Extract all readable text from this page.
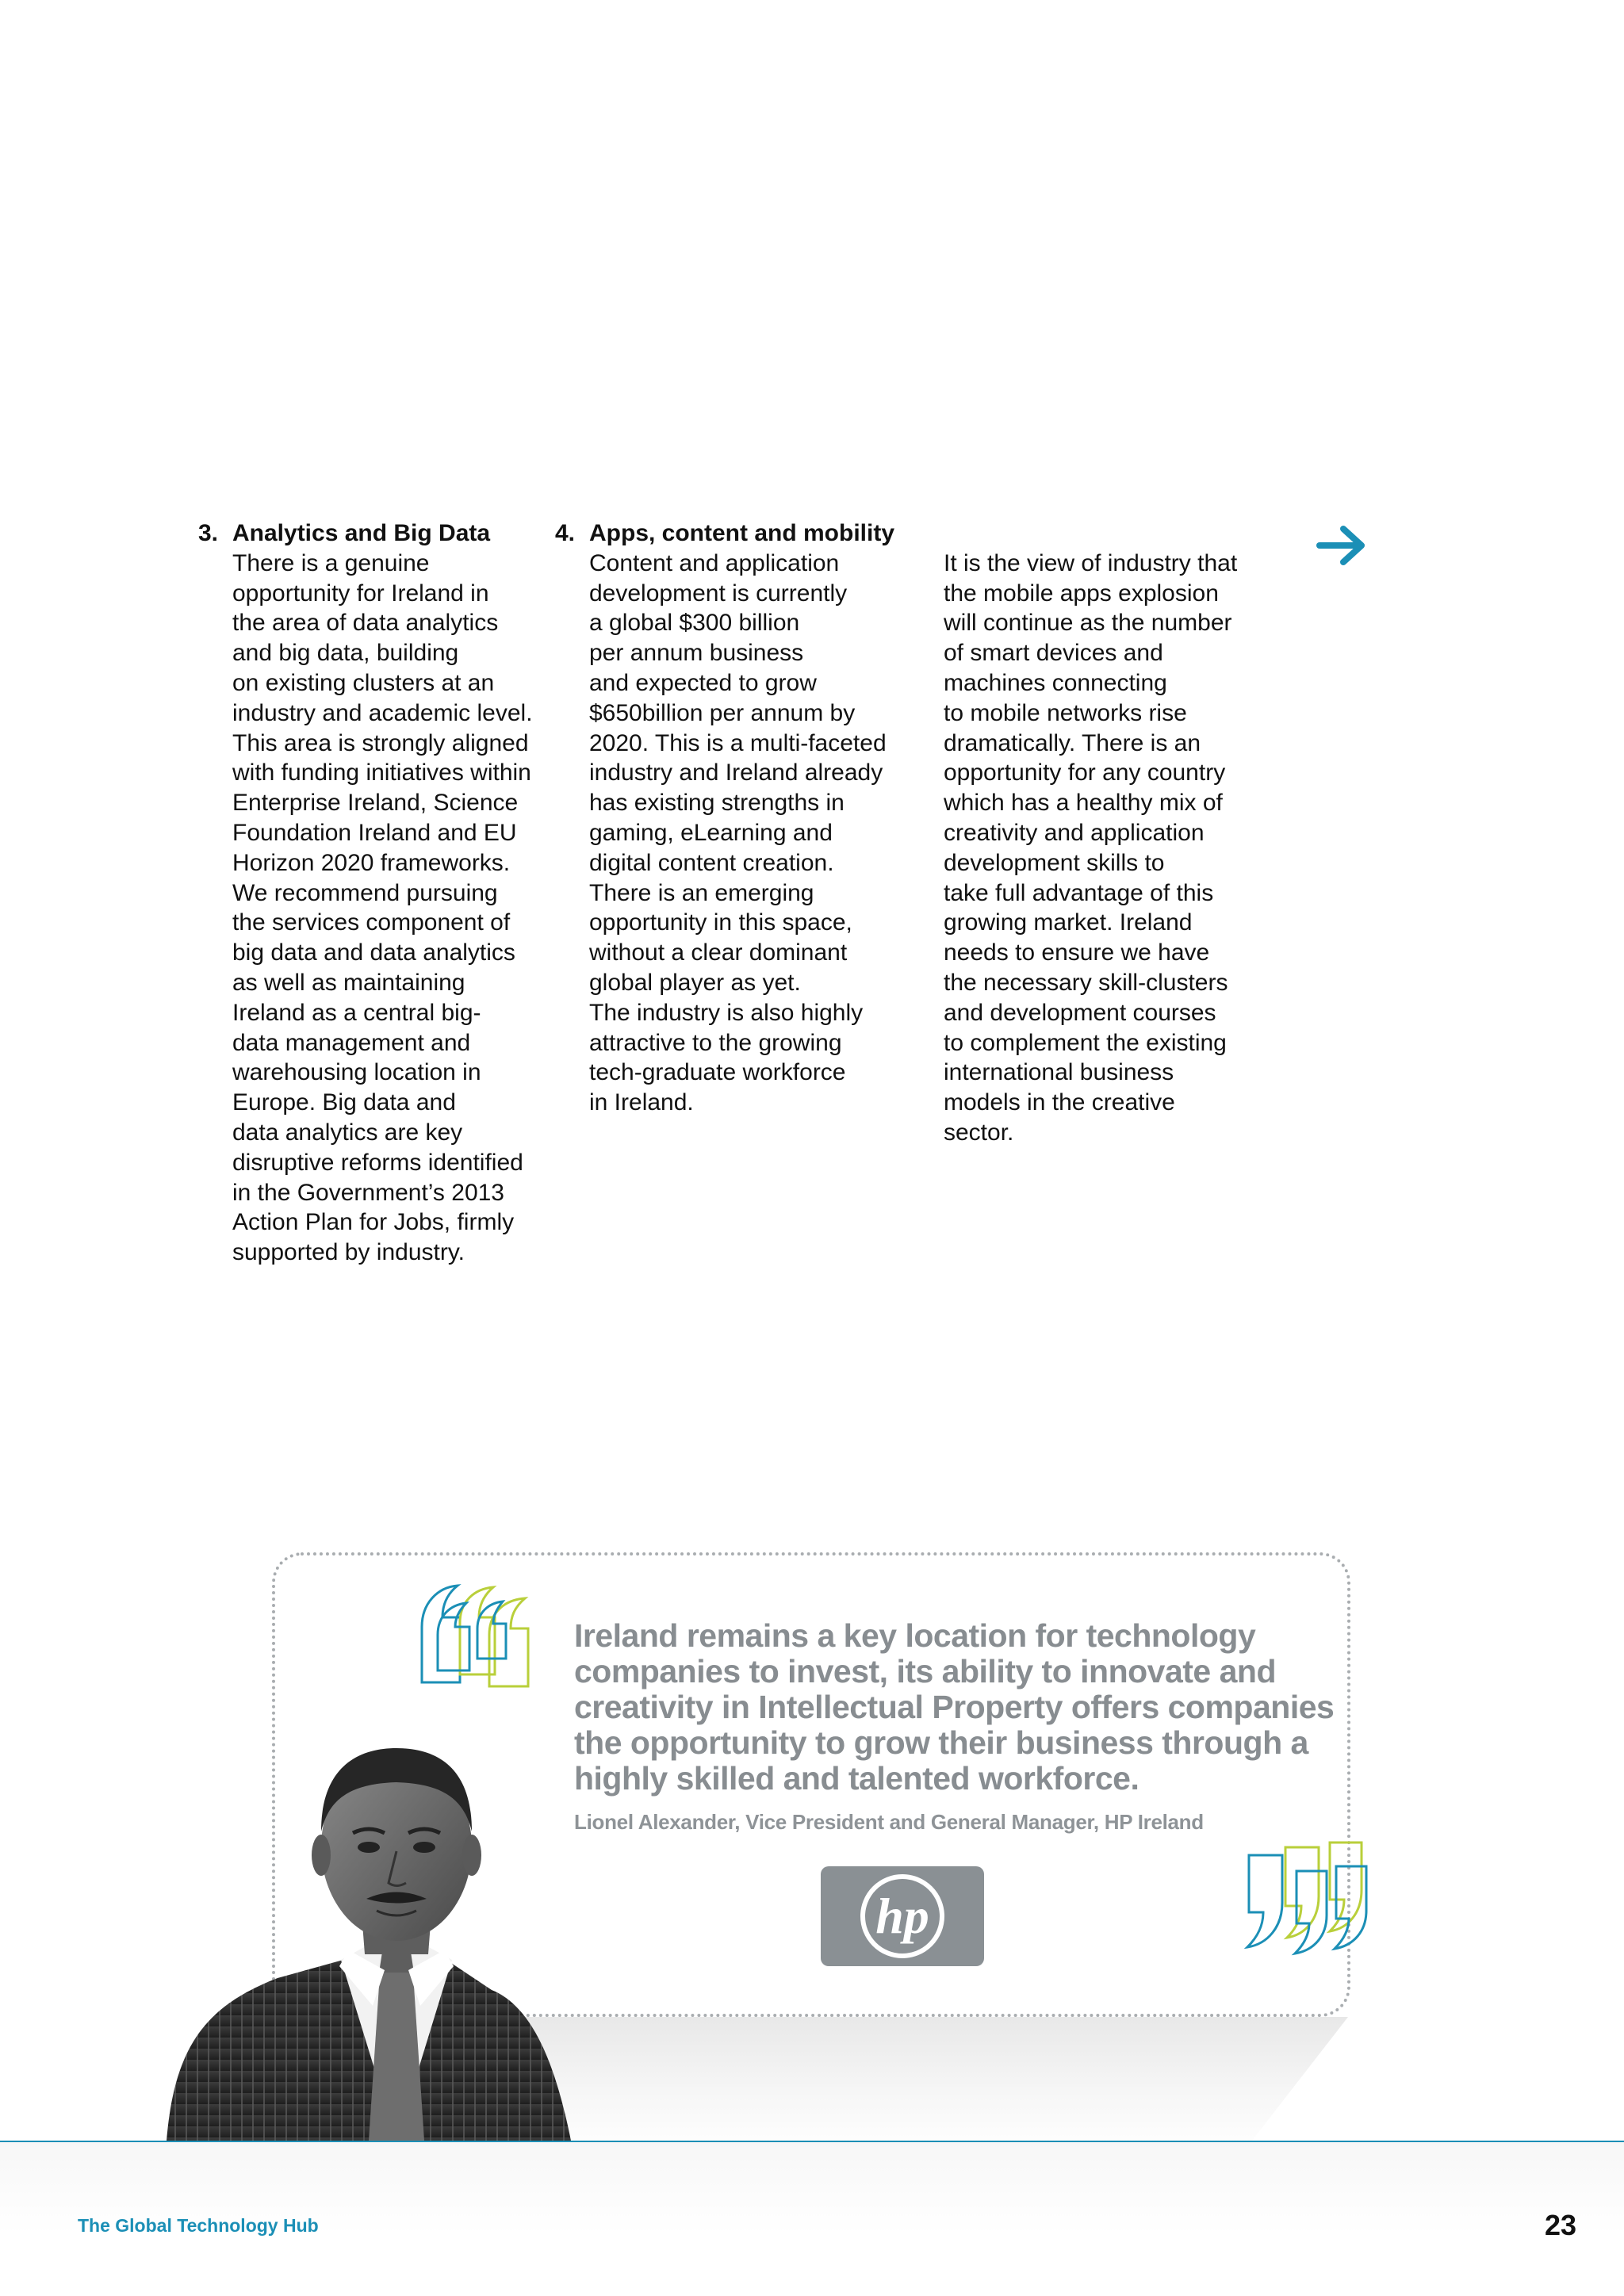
3. Analytics and Big Data
There is a genuine
opportunity for Ireland in
the area of data analytics
and big data, building
on existing clusters at an
industry and academic level.
This area is strongly aligned
with funding initiatives within
Enterprise Ireland, Science
Foundation Ireland and EU
Horizon 2020 frameworks.
We recommend pursuing
the services component of
big data and data analytics
as well as maintaining
Ireland as a central big-
data management and
warehousing location in
Europe. Big data and
data analytics are key
disruptive reforms identified
in the Government’s 2013
Action Plan for Jobs, firmly
supported by industry.
4. Apps, content and mobility
Content and application
development is currently
a global $300 billion
per annum business
and expected to grow
$650billion per annum by
2020. This is a multi-faceted
industry and Ireland already
has existing strengths in
gaming, eLearning and
digital content creation.
There is an emerging
opportunity in this space,
without a clear dominant
global player as yet.
The industry is also highly
attractive to the growing
tech-graduate workforce
in Ireland.
It is the view of industry that
the mobile apps explosion
will continue as the number
of smart devices and
machines connecting
to mobile networks rise
dramatically. There is an
opportunity for any country
which has a healthy mix of
creativity and application
development skills to
take full advantage of this
growing market. Ireland
needs to ensure we have
the necessary skill-clusters
and development courses
to complement the existing
international business
models in the creative
sector.
Ireland remains a key location for technology
companies to invest, its ability to innovate and
creativity in Intellectual Property offers companies
the opportunity to grow their business through a
highly skilled and talented workforce.
Lionel Alexander, Vice President and General Manager, HP Ireland
hp
The Global Technology Hub	23
